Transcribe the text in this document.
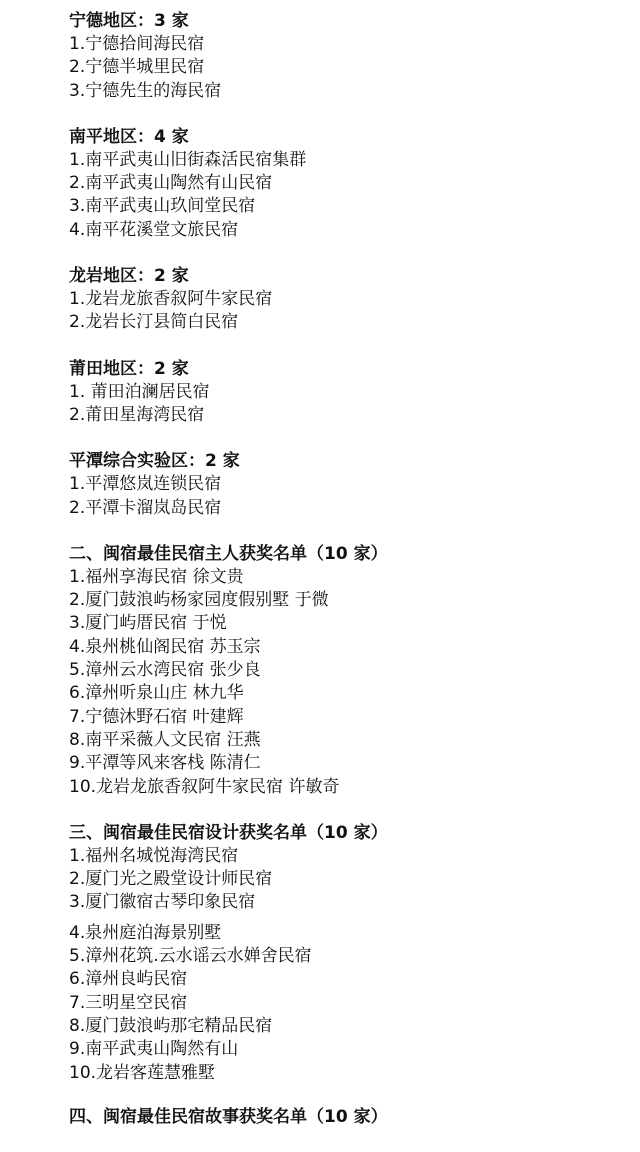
宁德地区：3 家
1.宁德拾间海民宿
2.宁德半城里民宿
3.宁德先生的海民宿
南平地区：4 家
1.南平武夷山旧街森活民宿集群
2.南平武夷山陶然有山民宿
3.南平武夷山玖间堂民宿
4.南平花溪堂文旅民宿
龙岩地区：2 家
1.龙岩龙旅香叙阿牛家民宿
2.龙岩长汀县简白民宿
莆田地区：2 家
1. 莆田泊澜居民宿
2.莆田星海湾民宿
平潭综合实验区：2 家
1.平潭悠岚连锁民宿
2.平潭卡溜岚岛民宿
二、闽宿最佳民宿主人获奖名单（10 家）
1.福州享海民宿 徐文贵
2.厦门鼓浪屿杨家园度假别墅 于微
3.厦门屿厝民宿 于悦
4.泉州桃仙阁民宿 苏玉宗
5.漳州云水湾民宿 张少良
6.漳州听泉山庄 林九华
7.宁德沐野石宿 叶建辉
8.南平采薇人文民宿 汪燕
9.平潭等风来客栈 陈清仁
10.龙岩龙旅香叙阿牛家民宿 许敏奇
三、闽宿最佳民宿设计获奖名单（10 家）
1.福州名城悦海湾民宿
2.厦门光之殿堂设计师民宿
3.厦门徽宿古琴印象民宿
4.泉州庭泊海景别墅
5.漳州花筑.云水谣云水婵舍民宿
6.漳州良屿民宿
7.三明星空民宿
8.厦门鼓浪屿那宅精品民宿
9.南平武夷山陶然有山
10.龙岩客莲慧雅墅
四、闽宿最佳民宿故事获奖名单（10 家）
